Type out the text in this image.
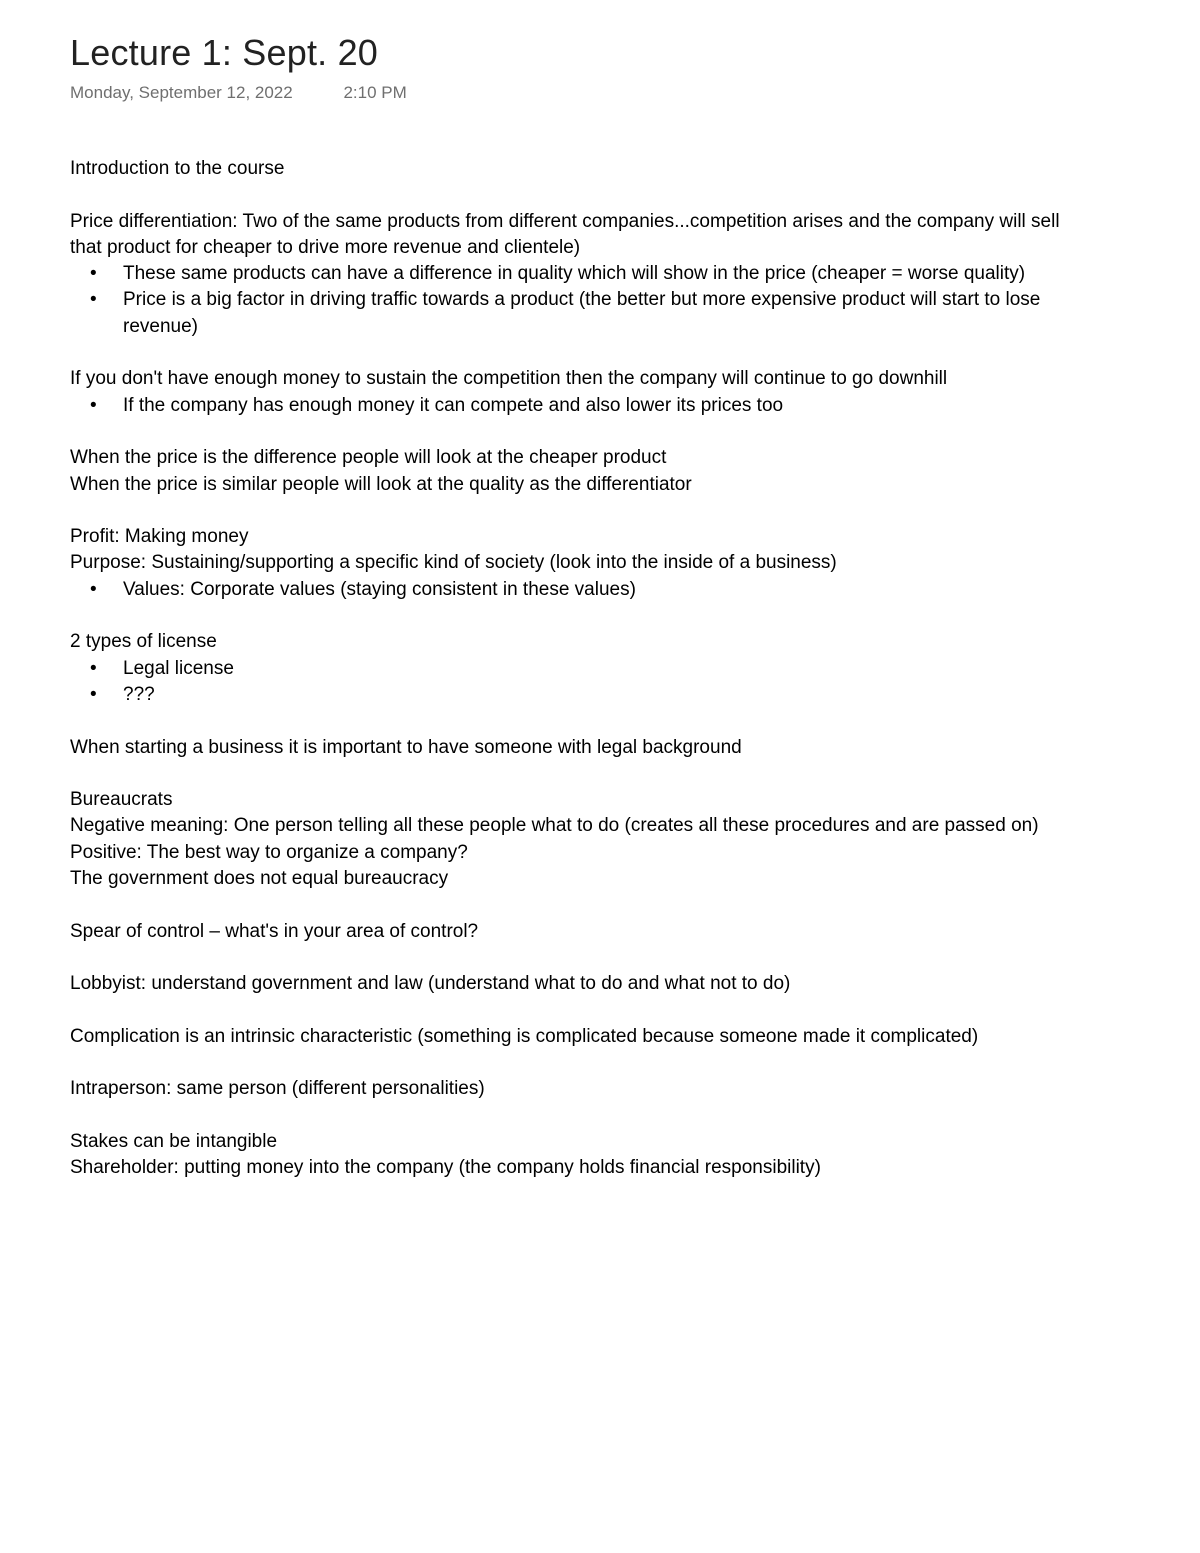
Lecture 1: Sept. 20
Monday, September 12, 2022	2:10 PM

Introduction to the course

Price differentiation: Two of the same products from different companies...competition arises and the company will sell that product for cheaper to drive more revenue and clientele)

• These same products can have a difference in quality which will show in the price (cheaper = worse quality)
• Price is a big factor in driving traffic towards a product (the better but more expensive product will start to lose revenue)

If you don't have enough money to sustain the competition then the company will continue to go downhill

• If the company has enough money it can compete and also lower its prices too

When the price is the difference people will look at the cheaper product

When the price is similar people will look at the quality as the differentiator

Profit: Making money

Purpose: Sustaining/supporting a specific kind of society (look into the inside of a business)

• Values: Corporate values (staying consistent in these values)

2 types of license

• Legal license
• ???

When starting a business it is important to have someone with legal background

Bureaucrats

Negative meaning: One person telling all these people what to do (creates all these procedures and are passed on)

Positive: The best way to organize a company?

The government does not equal bureaucracy

Spear of control – what's in your area of control?

Lobbyist: understand government and law (understand what to do and what not to do)

Complication is an intrinsic characteristic (something is complicated because someone made it complicated)

Intraperson: same person (different personalities)

Stakes can be intangible

Shareholder: putting money into the company (the company holds financial responsibility)
